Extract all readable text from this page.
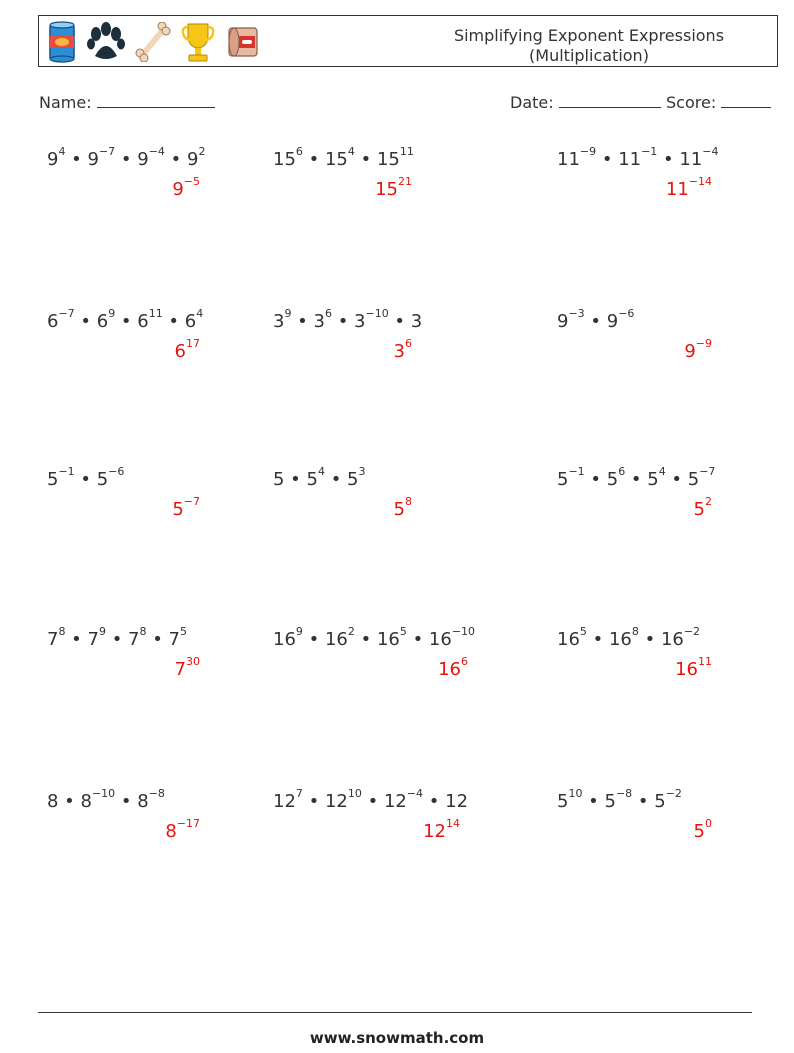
Simplifying Exponent Expressions
(Multiplication)
Name:	Date:	Score:
$9^4$ • $9^{-7}$ • $9^{-4}$ • $9^2$
$9^{-5}$
$15^6$ • $15^4$ • $15^{11}$
$15^{21}$
$11^{-9}$ • $11^{-1}$ • $11^{-4}$
$11^{-14}$
$6^{-7}$ • $6^9$ • $6^{11}$ • $6^4$
$6^{17}$
$3^9$ • $3^6$ • $3^{-10}$ • 3
$3^6$
$9^{-3}$ • $9^{-6}$
$9^{-9}$
$5^{-1}$ • $5^{-6}$
$5^{-7}$
5 • $5^4$ • $5^3$
$5^8$
$5^{-1}$ • $5^6$ • $5^4$ • $5^{-7}$
$5^2$
$7^8$ • $7^9$ • $7^8$ • $7^5$
$7^{30}$
$16^9$ • $16^2$ • $16^5$ • $16^{-10}$
$16^6$
$16^5$ • $16^8$ • $16^{-2}$
$16^{11}$
8 • $8^{-10}$ • $8^{-8}$
$8^{-17}$
$12^7$ • $12^{10}$ • $12^{-4}$ • 12
$12^{14}$
$5^{10}$ • $5^{-8}$ • $5^{-2}$
$5^0$
www.snowmath.com
